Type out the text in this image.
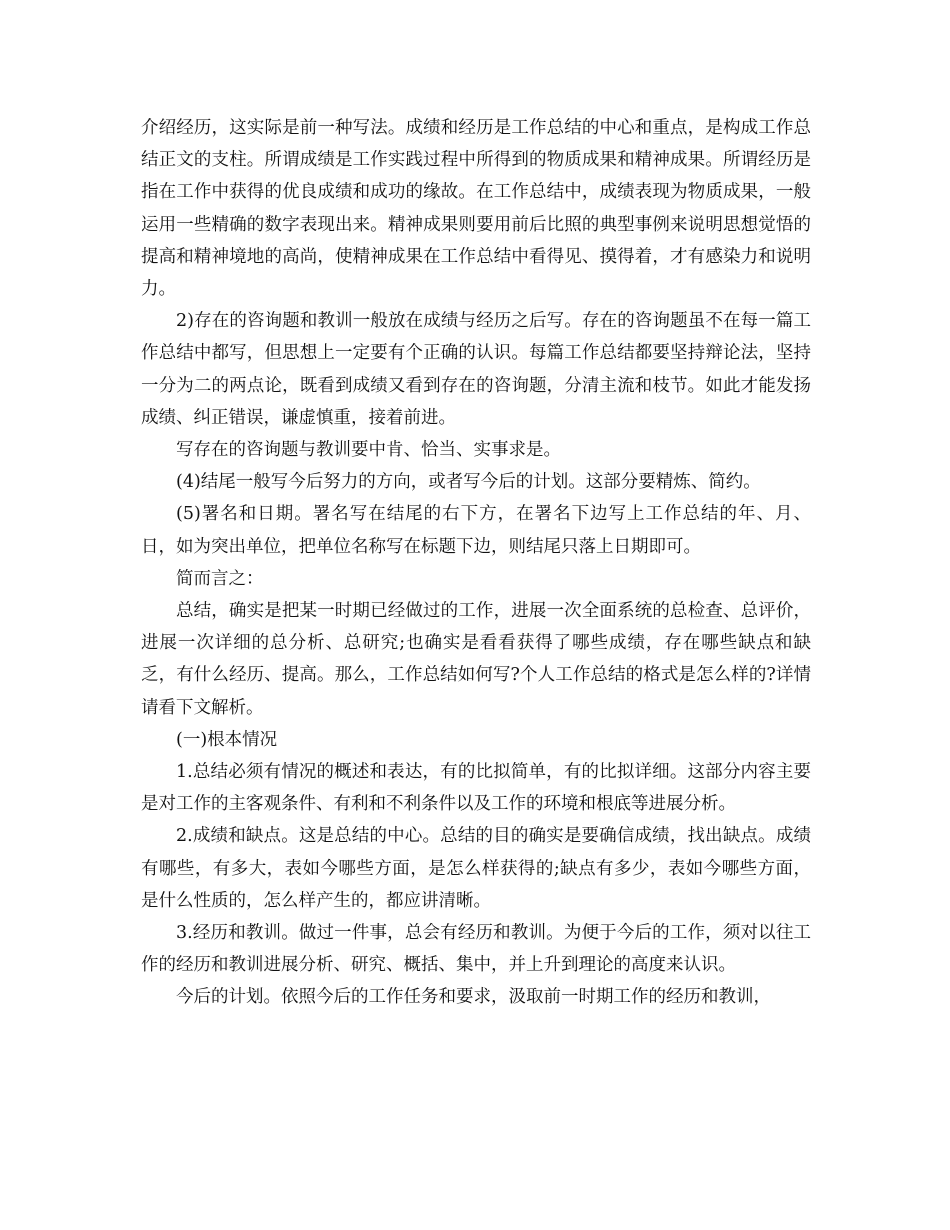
介绍经历，这实际是前一种写法。成绩和经历是工作总结的中心和重点，是构成工作总结正文的支柱。所谓成绩是工作实践过程中所得到的物质成果和精神成果。所谓经历是指在工作中获得的优良成绩和成功的缘故。在工作总结中，成绩表现为物质成果，一般运用一些精确的数字表现出来。精神成果则要用前后比照的典型事例来说明思想觉悟的提高和精神境地的高尚，使精神成果在工作总结中看得见、摸得着，才有感染力和说明力。

2)存在的咨询题和教训一般放在成绩与经历之后写。存在的咨询题虽不在每一篇工作总结中都写，但思想上一定要有个正确的认识。每篇工作总结都要坚持辩论法，坚持一分为二的两点论，既看到成绩又看到存在的咨询题，分清主流和枝节。如此才能发扬成绩、纠正错误，谦虚慎重，接着前进。

写存在的咨询题与教训要中肯、恰当、实事求是。

(4)结尾一般写今后努力的方向，或者写今后的计划。这部分要精炼、简约。

(5)署名和日期。署名写在结尾的右下方，在署名下边写上工作总结的年、月、日，如为突出单位，把单位名称写在标题下边，则结尾只落上日期即可。

简而言之：

总结，确实是把某一时期已经做过的工作，进展一次全面系统的总检查、总评价，进展一次详细的总分析、总研究;也确实是看看获得了哪些成绩，存在哪些缺点和缺乏，有什么经历、提高。那么，工作总结如何写?个人工作总结的格式是怎么样的?详情请看下文解析。

(一)根本情况

1.总结必须有情况的概述和表达，有的比拟简单，有的比拟详细。这部分内容主要是对工作的主客观条件、有利和不利条件以及工作的环境和根底等进展分析。

2.成绩和缺点。这是总结的中心。总结的目的确实是要确信成绩，找出缺点。成绩有哪些，有多大，表如今哪些方面，是怎么样获得的;缺点有多少，表如今哪些方面，是什么性质的，怎么样产生的，都应讲清晰。

3.经历和教训。做过一件事，总会有经历和教训。为便于今后的工作，须对以往工作的经历和教训进展分析、研究、概括、集中，并上升到理论的高度来认识。

今后的计划。依照今后的工作任务和要求，汲取前一时期工作的经历和教训，
